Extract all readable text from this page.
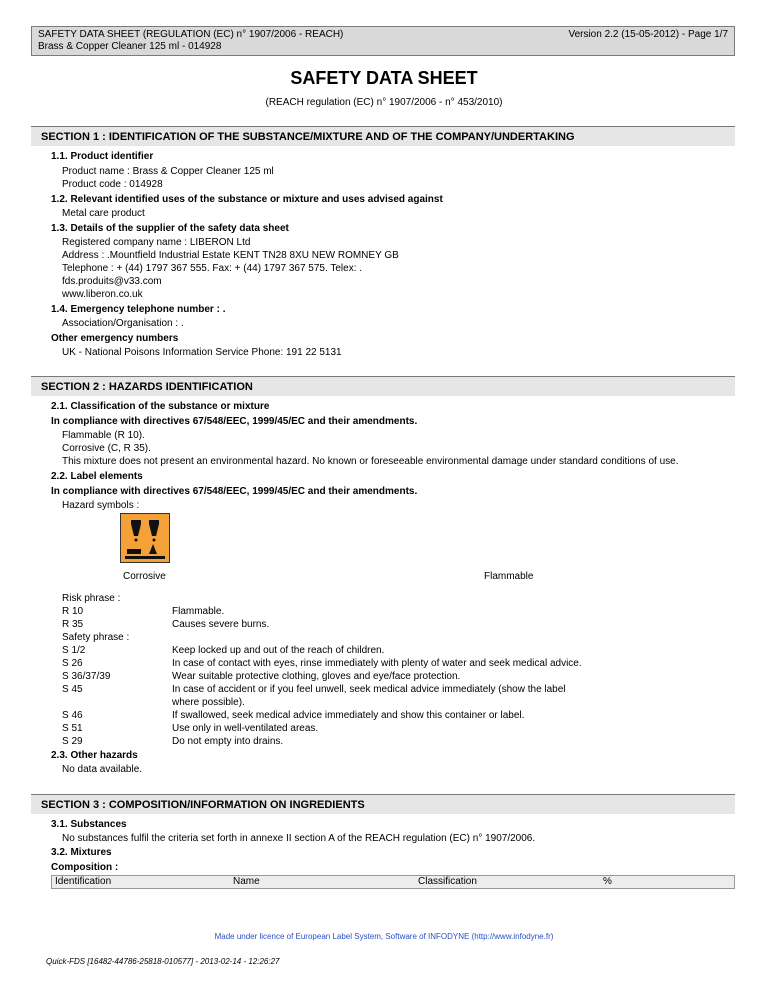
SAFETY DATA SHEET (REGULATION (EC) n° 1907/2006 - REACH)
Brass & Copper Cleaner 125 ml - 014928
Version 2.2 (15-05-2012) - Page 1/7
SAFETY DATA SHEET
(REACH regulation (EC) n° 1907/2006 - n° 453/2010)
SECTION 1 : IDENTIFICATION OF THE SUBSTANCE/MIXTURE AND OF THE COMPANY/UNDERTAKING
1.1. Product identifier
Product name : Brass & Copper Cleaner 125 ml
Product code : 014928
1.2. Relevant identified uses of the substance or mixture and uses advised against
Metal care product
1.3. Details of the supplier of the safety data sheet
Registered company name : LIBERON Ltd
Address : .Mountfield Industrial Estate KENT TN28 8XU NEW ROMNEY GB
Telephone : + (44) 1797 367 555. Fax: + (44) 1797 367 575. Telex: .
fds.produits@v33.com
www.liberon.co.uk
1.4. Emergency telephone number : .
Association/Organisation : .
Other emergency numbers
UK - National Poisons Information Service Phone: 191 22 5131
SECTION 2 : HAZARDS IDENTIFICATION
2.1. Classification of the substance or mixture
In compliance with directives 67/548/EEC, 1999/45/EC and their amendments.
Flammable (R 10).
Corrosive (C, R 35).
This mixture does not present an environmental hazard. No known or foreseeable environmental damage under standard conditions of use.
2.2. Label elements
In compliance with directives 67/548/EEC, 1999/45/EC and their amendments.
Hazard symbols :
Corrosive	Flammable
Risk phrase :
R 10	Flammable.
R 35	Causes severe burns.
Safety phrase :
S 1/2	Keep locked up and out of the reach of children.
S 26	In case of contact with eyes, rinse immediately with plenty of water and seek medical advice.
S 36/37/39	Wear suitable protective clothing, gloves and eye/face protection.
S 45	In case of accident or if you feel unwell, seek medical advice immediately (show the label
where possible).
S 46	If swallowed, seek medical advice immediately and show this container or label.
S 51	Use only in well-ventilated areas.
S 29	Do not empty into drains.
2.3. Other hazards
No data available.
SECTION 3 : COMPOSITION/INFORMATION ON INGREDIENTS
3.1. Substances
No substances fulfil the criteria set forth in annexe II section A of the REACH regulation (EC) n° 1907/2006.
3.2. Mixtures
Composition :
Identification	Name	Classification	%
Made under licence of European Label System, Software of INFODYNE (http://www.infodyne.fr)
Quick-FDS [16482-44786-25818-010577] - 2013-02-14 - 12:26:27
